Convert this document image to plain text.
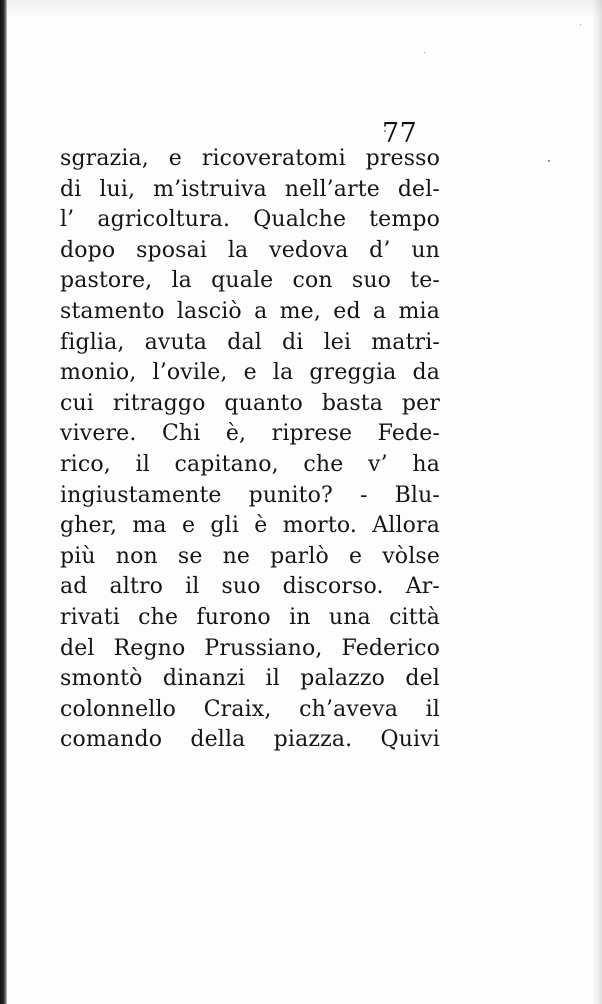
77
sgrazia, e ricoveratomi presso
di lui, m’istruiva nell’arte del-
l’ agricoltura. Qualche tempo
dopo sposai la vedova d’ un
pastore, la quale con suo te-
stamento lasciò a me, ed a mia
figlia, avuta dal di lei matri-
monio, l’ovile, e la greggia da
cui ritraggo quanto basta per
vivere. Chi è, riprese Fede-
rico, il capitano, che v’ ha
ingiustamente punito? - Blu-
gher, ma e gli è morto. Allora
più non se ne parlò e vòlse
ad altro il suo discorso. Ar-
rivati che furono in una città
del Regno Prussiano, Federico
smontò dinanzi il palazzo del
colonnello Craix, ch’aveva il
comando della piazza. Quivi
